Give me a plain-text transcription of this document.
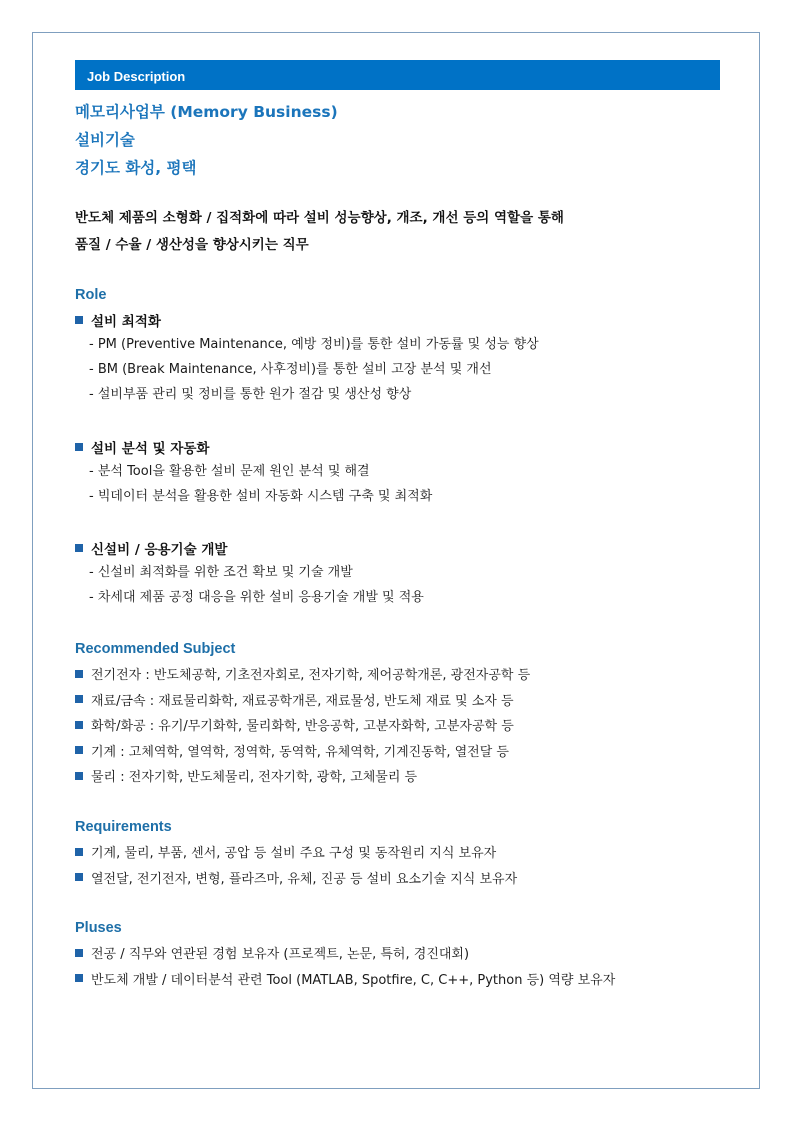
Job Description
메모리사업부 (Memory Business)
설비기술
경기도 화성, 평택
반도체 제품의 소형화 / 집적화에 따라 설비 성능향상, 개조, 개선 등의 역할을 통해
품질 / 수율 / 생산성을 향상시키는 직무
Role
설비 최적화
- PM (Preventive Maintenance, 예방 정비)를 통한 설비 가동률 및 성능 향상
- BM (Break Maintenance, 사후정비)를 통한 설비 고장 분석 및 개선
- 설비부품 관리 및 정비를 통한 원가 절감 및 생산성 향상
설비 분석 및 자동화
- 분석 Tool을 활용한 설비 문제 원인 분석 및 해결
- 빅데이터 분석을 활용한 설비 자동화 시스템 구축 및 최적화
신설비 / 응용기술 개발
- 신설비 최적화를 위한 조건 확보 및 기술 개발
- 차세대 제품 공정 대응을 위한 설비 응용기술 개발 및 적용
Recommended Subject
전기전자 : 반도체공학, 기초전자회로, 전자기학, 제어공학개론, 광전자공학 등
재료/금속 : 재료물리화학, 재료공학개론, 재료물성, 반도체 재료 및 소자 등
화학/화공 : 유기/무기화학, 물리화학, 반응공학, 고분자화학, 고분자공학 등
기계 : 고체역학, 열역학, 정역학, 동역학, 유체역학, 기계진동학, 열전달 등
물리 : 전자기학, 반도체물리, 전자기학, 광학, 고체물리 등
Requirements
기계, 물리, 부품, 센서, 공압 등 설비 주요 구성 및 동작원리 지식 보유자
열전달, 전기전자, 변형, 플라즈마, 유체, 진공 등 설비 요소기술 지식 보유자
Pluses
전공 / 직무와 연관된 경험 보유자 (프로젝트, 논문, 특허, 경진대회)
반도체 개발 / 데이터분석 관련 Tool (MATLAB, Spotfire, C, C++, Python 등) 역량 보유자
